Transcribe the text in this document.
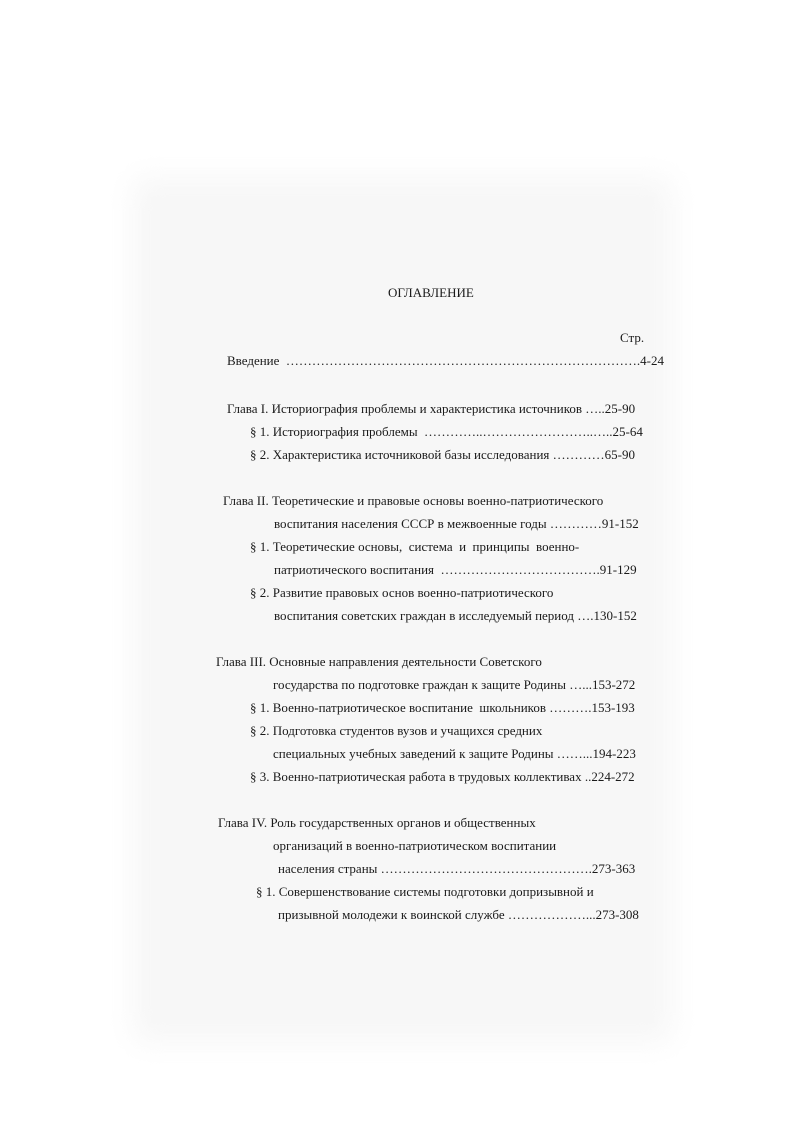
ОГЛАВЛЕНИЕ
Стр.
Введение  ……………………………………………………………………….4-24
Глава I. Историография проблемы и характеристика источников …..25-90
§ 1. Историография проблемы  …………..……………………..…..25-64
§ 2. Характеристика источниковой базы исследования …………65-90
Глава II. Теоретические и правовые основы военно-патриотического
воспитания населения СССР в межвоенные годы …………91-152
§ 1. Теоретические основы,  система  и  принципы  военно-
патриотического воспитания  ……………………………….91-129
§ 2. Развитие правовых основ военно-патриотического
воспитания советских граждан в исследуемый период ….130-152
Глава III. Основные направления деятельности Советского
государства по подготовке граждан к защите Родины …...153-272
§ 1. Военно-патриотическое воспитание  школьников ……….153-193
§ 2. Подготовка студентов вузов и учащихся средних
специальных учебных заведений к защите Родины ……...194-223
§ 3. Военно-патриотическая работа в трудовых коллективах ..224-272
Глава IV. Роль государственных органов и общественных
организаций в военно-патриотическом воспитании
населения страны ………………………………………….273-363
§ 1. Совершенствование системы подготовки допризывной и
призывной молодежи к воинской службе ………………...273-308
